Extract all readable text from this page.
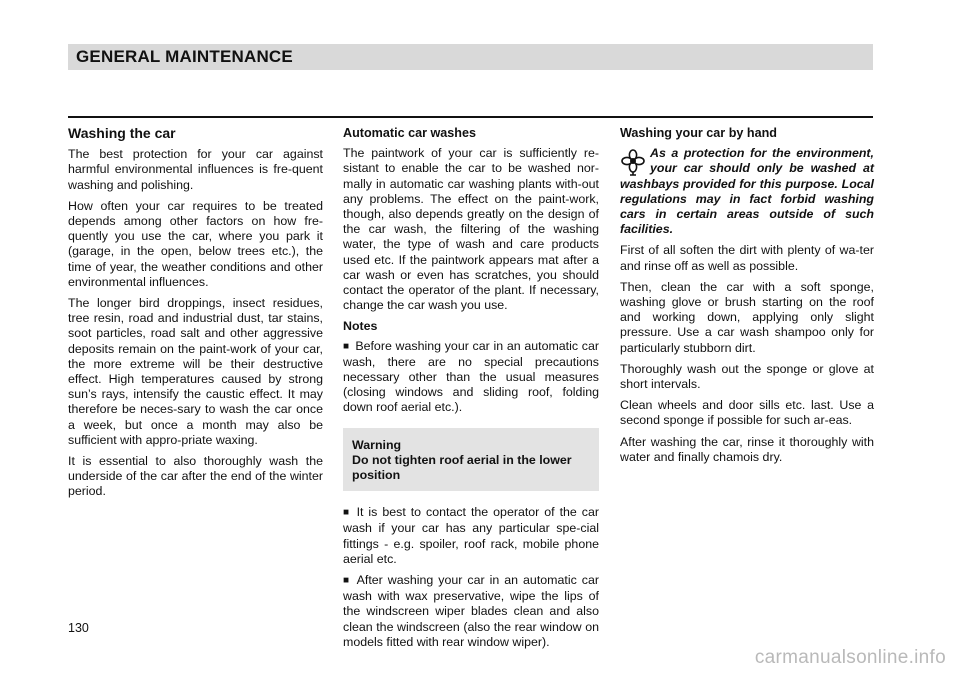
GENERAL MAINTENANCE
Washing the car

The best protection for your car against harmful environmental influences is fre-quent washing and polishing.

How often your car requires to be treated depends among other factors on how fre-quently you use the car, where you park it (garage, in the open, below trees etc.), the time of year, the weather conditions and other environmental influences.

The longer bird droppings, insect residues, tree resin, road and industrial dust, tar stains, soot particles, road salt and other aggressive deposits remain on the paint-work of your car, the more extreme will be their destructive effect. High temperatures caused by strong sun’s rays, intensify the caustic effect. It may therefore be neces-sary to wash the car once a week, but once a month may also be sufficient with appro-priate waxing.

It is essential to also thoroughly wash the underside of the car after the end of the winter period.

Automatic car washes

The paintwork of your car is sufficiently re-sistant to enable the car to be washed nor-mally in automatic car washing plants with-out any problems. The effect on the paint-work, though, also depends greatly on the design of the car wash, the filtering of the washing water, the type of wash and care products used etc. If the paintwork appears mat after a car wash or even has scratches, you should contact the operator of the plant. If necessary, change the car wash you use.

Notes

■ Before washing your car in an automatic car wash, there are no special precautions necessary other than the usual measures (closing windows and sliding roof, folding down roof aerial etc.).

Warning
Do not tighten roof aerial in the lower position

■ It is best to contact the operator of the car wash if your car has any particular spe-cial fittings - e.g. spoiler, roof rack, mobile phone aerial etc.

■ After washing your car in an automatic car wash with wax preservative, wipe the lips of the windscreen wiper blades clean and also clean the windscreen (also the rear window on models fitted with rear window wiper).

Washing your car by hand
As a protection for the environment, your car should only be washed at washbays provided for this purpose. Local regulations may in fact forbid washing cars in certain areas outside of such facilities.

First of all soften the dirt with plenty of wa-ter and rinse off as well as possible.

Then, clean the car with a soft sponge, washing glove or brush starting on the roof and working down, applying only slight pressure. Use a car wash shampoo only for particularly stubborn dirt.

Thoroughly wash out the sponge or glove at short intervals.

Clean wheels and door sills etc. last. Use a second sponge if possible for such ar-eas.

After washing the car, rinse it thoroughly with water and finally chamois dry.

130
carmanualsonline.info
